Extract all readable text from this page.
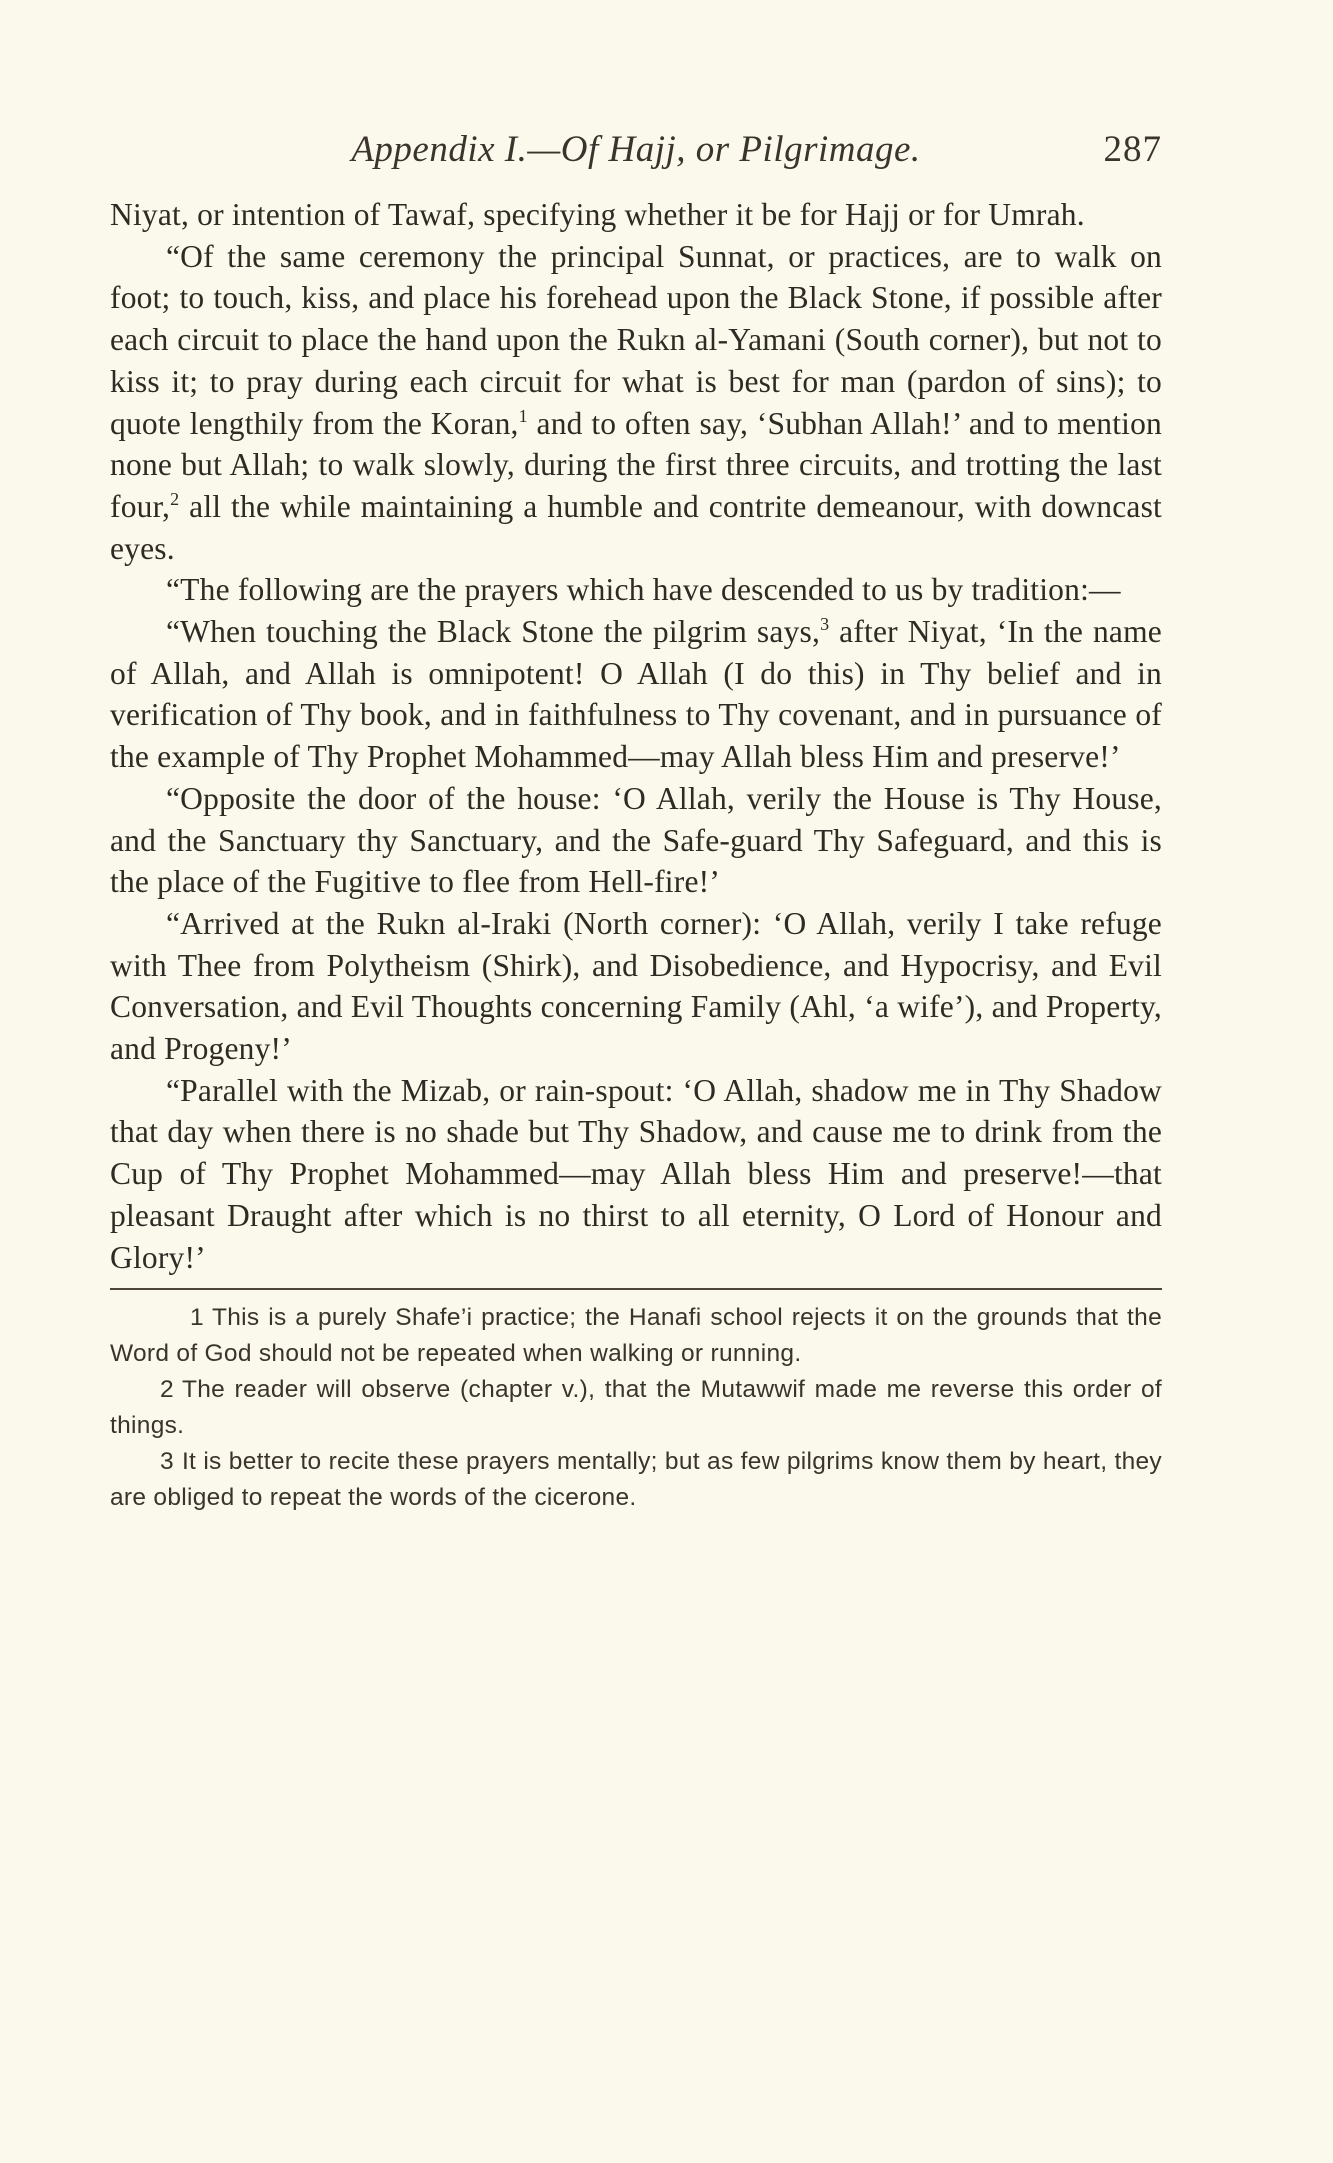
Appendix I.—Of Hajj, or Pilgrimage.	287

Niyat, or intention of Tawaf, specifying whether it be for Hajj or for Umrah.

“Of the same ceremony the principal Sunnat, or practices, are to walk on foot; to touch, kiss, and place his forehead upon the Black Stone, if possible after each circuit to place the hand upon the Rukn al-Yamani (South corner), but not to kiss it; to pray during each circuit for what is best for man (pardon of sins); to quote lengthily from the Koran,$^1$ and to often say, ‘Subhan Allah!’ and to mention none but Allah; to walk slowly, during the first three circuits, and trotting the last four,$^2$ all the while maintaining a humble and contrite demeanour, with downcast eyes.

“The following are the prayers which have descended to us by tradition:—

“When touching the Black Stone the pilgrim says,$^3$ after Niyat, ‘In the name of Allah, and Allah is omnipotent! O Allah (I do this) in Thy belief and in verification of Thy book, and in faithfulness to Thy covenant, and in pursuance of the example of Thy Prophet Mohammed—may Allah bless Him and preserve!’

“Opposite the door of the house: ‘O Allah, verily the House is Thy House, and the Sanctuary thy Sanctuary, and the Safe-guard Thy Safeguard, and this is the place of the Fugitive to flee from Hell-fire!’

“Arrived at the Rukn al-Iraki (North corner): ‘O Allah, verily I take refuge with Thee from Polytheism (Shirk), and Disobedience, and Hypocrisy, and Evil Conversation, and Evil Thoughts concerning Family (Ahl, ‘a wife’), and Property, and Progeny!’

“Parallel with the Mizab, or rain-spout: ‘O Allah, shadow me in Thy Shadow that day when there is no shade but Thy Shadow, and cause me to drink from the Cup of Thy Prophet Mohammed—may Allah bless Him and preserve!—that pleasant Draught after which is no thirst to all eternity, O Lord of Honour and Glory!’

1 This is a purely Shafe’i practice; the Hanafi school rejects it on the grounds that the Word of God should not be repeated when walking or running.

2 The reader will observe (chapter v.), that the Mutawwif made me reverse this order of things.

3 It is better to recite these prayers mentally; but as few pilgrims know them by heart, they are obliged to repeat the words of the cicerone.
